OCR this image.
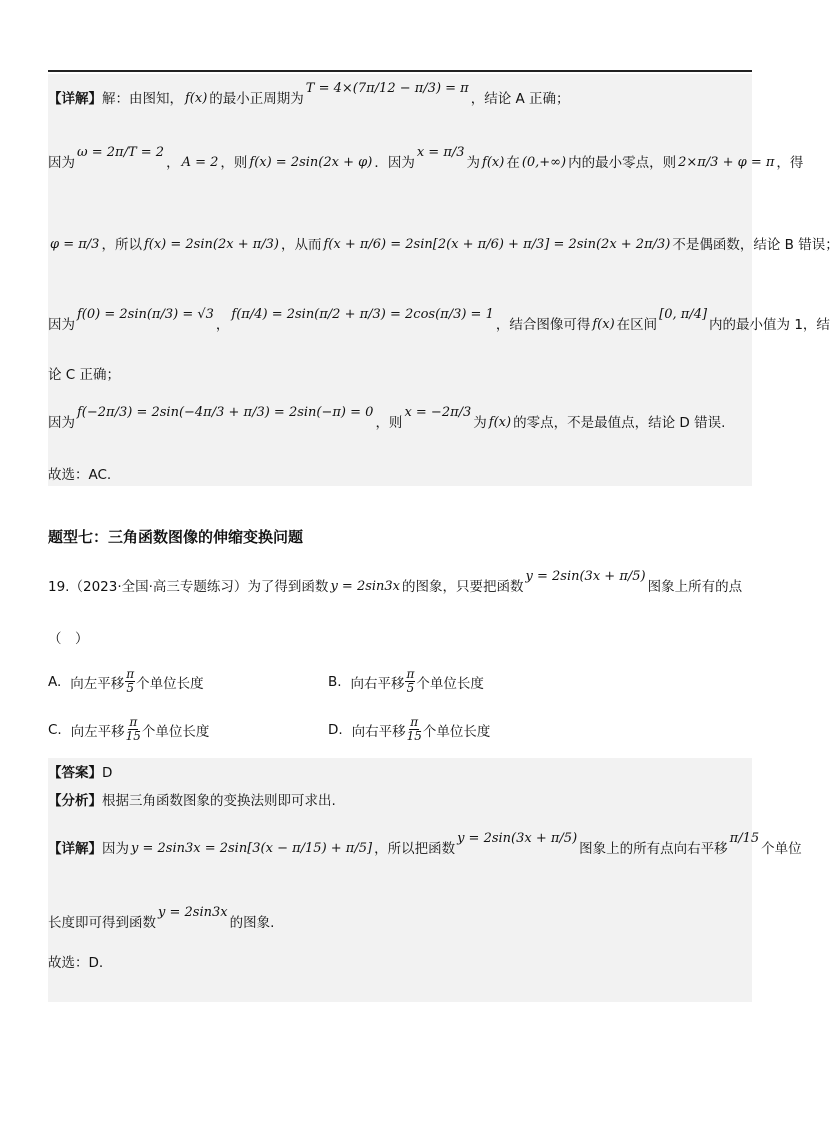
【详解】 解：由图知， f(x) 的最小正周期为
T = 4×(7π/12 − π/3) = π
，结论 A 正确；
因为
ω = 2π/T = 2
， A = 2 ，则 f(x) = 2sin(2x + φ) ．因为
x = π/3
为 f(x) 在 (0,+∞) 内的最小零点，则 2×π/3 + φ = π ，得
φ = π/3 ，所以 f(x) = 2sin(2x + π/3) ，从而 f(x + π/6) = 2sin[2(x + π/6) + π/3] = 2sin(2x + 2π/3) 不是偶函数，结论 B 错误；
因为
f(0) = 2sin(π/3) = √3
，
f(π/4) = 2sin(π/2 + π/3) = 2cos(π/3) = 1
，结合图像可得 f(x) 在区间
[0, π/4]
内的最小值为 1，结
论 C 正确；
因为
f(−2π/3) = 2sin(−4π/3 + π/3) = 2sin(−π) = 0
，则
x = −2π/3
为 f(x) 的零点，不是最值点，结论 D 错误.
故选：AC.
题型七：三角函数图像的伸缩变换问题
19. （2023·全国·高三专题练习） 为了得到函数 y = 2sin3x 的图象，只要把函数
y = 2sin(3x + π/5)
图象上所有的点
（　）
A.
向左平移 $\frac{\pi}{5}$ 个单位长度	B.
向右平移 $\frac{\pi}{5}$ 个单位长度
C.
向左平移 $\frac{\pi}{15}$ 个单位长度	D.
向右平移 $\frac{\pi}{15}$ 个单位长度
【答案】 D
【分析】 根据三角函数图象的变换法则即可求出.
【详解】 因为 y = 2sin3x = 2sin[3(x − π/15) + π/5] ，所以把函数
y = 2sin(3x + π/5)
图象上的所有点向右平移
π/15
个单位
长度即可得到函数
y = 2sin3x
的图象.
故选：D.
